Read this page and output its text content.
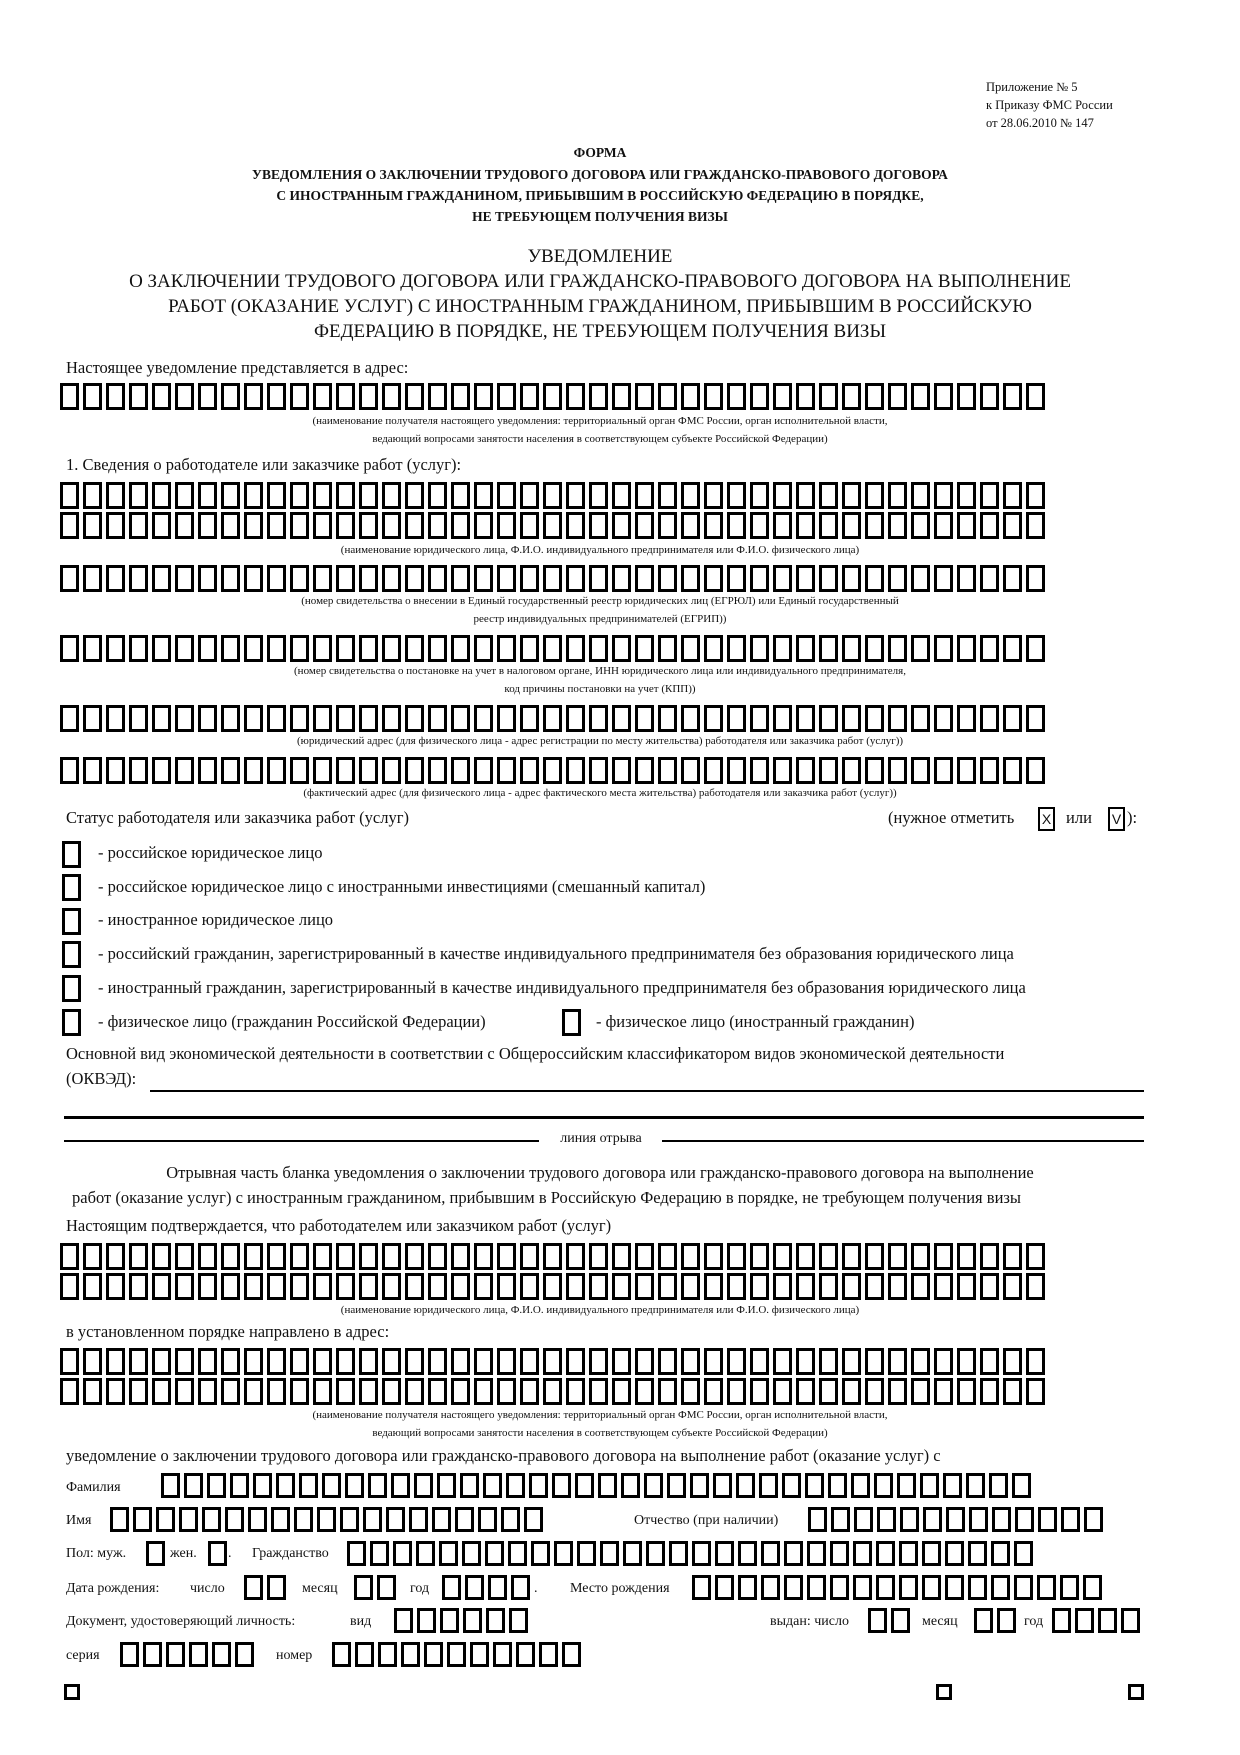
Приложение № 5
к Приказу ФМС России
от 28.06.2010 № 147
ФОРМА
УВЕДОМЛЕНИЯ О ЗАКЛЮЧЕНИИ ТРУДОВОГО ДОГОВОРА ИЛИ ГРАЖДАНСКО-ПРАВОВОГО ДОГОВОРА
С ИНОСТРАННЫМ ГРАЖДАНИНОМ, ПРИБЫВШИМ В РОССИЙСКУЮ ФЕДЕРАЦИЮ В ПОРЯДКЕ,
НЕ ТРЕБУЮЩЕМ ПОЛУЧЕНИЯ ВИЗЫ
УВЕДОМЛЕНИЕ
О ЗАКЛЮЧЕНИИ ТРУДОВОГО ДОГОВОРА ИЛИ ГРАЖДАНСКО-ПРАВОВОГО ДОГОВОРА НА ВЫПОЛНЕНИЕ
РАБОТ (ОКАЗАНИЕ УСЛУГ) С ИНОСТРАННЫМ ГРАЖДАНИНОМ, ПРИБЫВШИМ В РОССИЙСКУЮ
ФЕДЕРАЦИЮ В ПОРЯДКЕ, НЕ ТРЕБУЮЩЕМ ПОЛУЧЕНИЯ ВИЗЫ
Настоящее уведомление представляется в адрес:
(наименование получателя настоящего уведомления: территориальный орган ФМС России, орган исполнительной власти,
ведающий вопросами занятости населения в соответствующем субъекте Российской Федерации)
1. Сведения о работодателе или заказчике работ (услуг):
(наименование юридического лица, Ф.И.О. индивидуального предпринимателя или Ф.И.О. физического лица)
(номер свидетельства о внесении в Единый государственный реестр юридических лиц (ЕГРЮЛ) или Единый государственный
реестр индивидуальных предпринимателей (ЕГРИП))
(номер свидетельства о постановке на учет в налоговом органе, ИНН юридического лица или индивидуального предпринимателя,
код причины постановки на учет (КПП))
(юридический адрес (для физического лица - адрес регистрации по месту жительства) работодателя или заказчика работ (услуг))
(фактический адрес (для физического лица - адрес фактического места жительства) работодателя или заказчика работ (услуг))
Статус работодателя или заказчика работ (услуг)	(нужное отметить X или V ):
- российское юридическое лицо
- российское юридическое лицо с иностранными инвестициями (смешанный капитал)
- иностранное юридическое лицо
- российский гражданин, зарегистрированный в качестве индивидуального предпринимателя без образования юридического лица
- иностранный гражданин, зарегистрированный в качестве индивидуального предпринимателя без образования юридического лица
- физическое лицо (гражданин Российской Федерации)	- физическое лицо (иностранный гражданин)
Основной вид экономической деятельности в соответствии с Общероссийским классификатором видов экономической деятельности
(ОКВЭД):
линия отрыва
Отрывная часть бланка уведомления о заключении трудового договора или гражданско-правового договора на выполнение
работ (оказание услуг) с иностранным гражданином, прибывшим в Российскую Федерацию в порядке, не требующем получения визы
Настоящим подтверждается, что работодателем или заказчиком работ (услуг)
(наименование юридического лица, Ф.И.О. индивидуального предпринимателя или Ф.И.О. физического лица)
в установленном порядке направлено в адрес:
(наименование получателя настоящего уведомления: территориальный орган ФМС России, орган исполнительной власти,
ведающий вопросами занятости населения в соответствующем субъекте Российской Федерации)
уведомление о заключении трудового договора или гражданско-правового договора на выполнение работ (оказание услуг) с
Фамилия
Имя	Отчество (при наличии)
Пол: муж.	жен. . Гражданство
Дата рождения: число	месяц	год	. Место рождения
Документ, удостоверяющий личность:	вид	выдан: число	месяц	год
серия	номер
